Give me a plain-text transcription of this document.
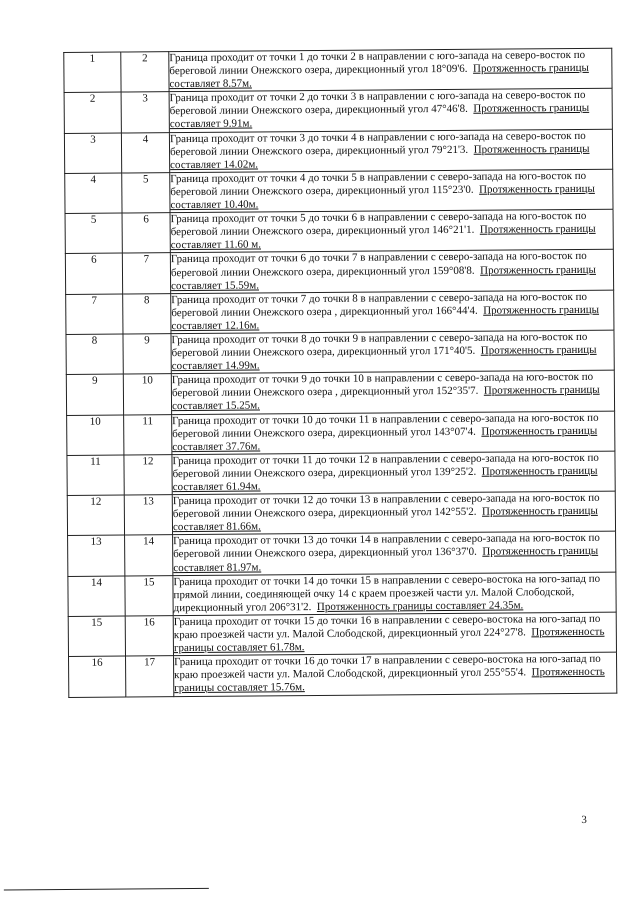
1	2	Граница проходит от точки 1 до точки 2 в направлении с юго-запада на северо-восток по береговой линии Онежского озера, дирекционный угол 18°09'6. Протяженность границы составляет 8.57м.
2	3	Граница проходит от точки 2 до точки 3 в направлении с юго-запада на северо-восток по береговой линии Онежского озера, дирекционный угол 47°46'8. Протяженность границы составляет 9.91м.
3	4	Граница проходит от точки 3 до точки 4 в направлении с юго-запада на северо-восток по береговой линии Онежского озера, дирекционный угол 79°21'3. Протяженность границы составляет 14.02м.
4	5	Граница проходит от точки 4 до точки 5 в направлении с северо-запада на юго-восток по береговой линии Онежского озера, дирекционный угол 115°23'0. Протяженность границы составляет 10.40м.
5	6	Граница проходит от точки 5 до точки 6 в направлении с северо-запада на юго-восток по береговой линии Онежского озера, дирекционный угол 146°21'1. Протяженность границы составляет 11.60 м.
6	7	Граница проходит от точки 6 до точки 7 в направлении с северо-запада на юго-восток по береговой линии Онежского озера, дирекционный угол 159°08'8. Протяженность границы составляет 15.59м.
7	8	Граница проходит от точки 7 до точки 8 в направлении с северо-запада на юго-восток по береговой линии Онежского озера , дирекционный угол 166°44'4. Протяженность границы составляет 12.16м.
8	9	Граница проходит от точки 8 до точки 9 в направлении с северо-запада на юго-восток по береговой линии Онежского озера, дирекционный угол 171°40'5. Протяженность границы составляет 14.99м.
9	10	Граница проходит от точки 9 до точки 10 в направлении с северо-запада на юго-восток по береговой линии Онежского озера , дирекционный угол 152°35'7. Протяженность границы составляет 15.25м.
10	11	Граница проходит от точки 10 до точки 11 в направлении с северо-запада на юго-восток по береговой линии Онежского озера, дирекционный угол 143°07'4. Протяженность границы составляет 37.76м.
11	12	Граница проходит от точки 11 до точки 12 в направлении с северо-запада на юго-восток по береговой линии Онежского озера, дирекционный угол 139°25'2. Протяженность границы составляет 61.94м.
12	13	Граница проходит от точки 12 до точки 13 в направлении с северо-запада на юго-восток по береговой линии Онежского озера, дирекционный угол 142°55'2. Протяженность границы составляет 81.66м.
13	14	Граница проходит от точки 13 до точки 14 в направлении с северо-запада на юго-восток по береговой линии Онежского озера, дирекционный угол 136°37'0. Протяженность границы составляет 81.97м.
14	15	Граница проходит от точки 14 до точки 15 в направлении с северо-востока на юго-запад по прямой линии, соединяющей очку 14 с краем проезжей части ул. Малой Слободской, дирекционный угол 206°31'2. Протяженность границы составляет 24.35м.
15	16	Граница проходит от точки 15 до точки 16 в направлении с северо-востока на юго-запад по краю проезжей части ул. Малой Слободской, дирекционный угол 224°27'8. Протяженность границы составляет 61.78м.
16	17	Граница проходит от точки 16 до точки 17 в направлении с северо-востока на юго-запад по краю проезжей части ул. Малой Слободской, дирекционный угол 255°55'4. Протяженность границы составляет 15.76м.
3
